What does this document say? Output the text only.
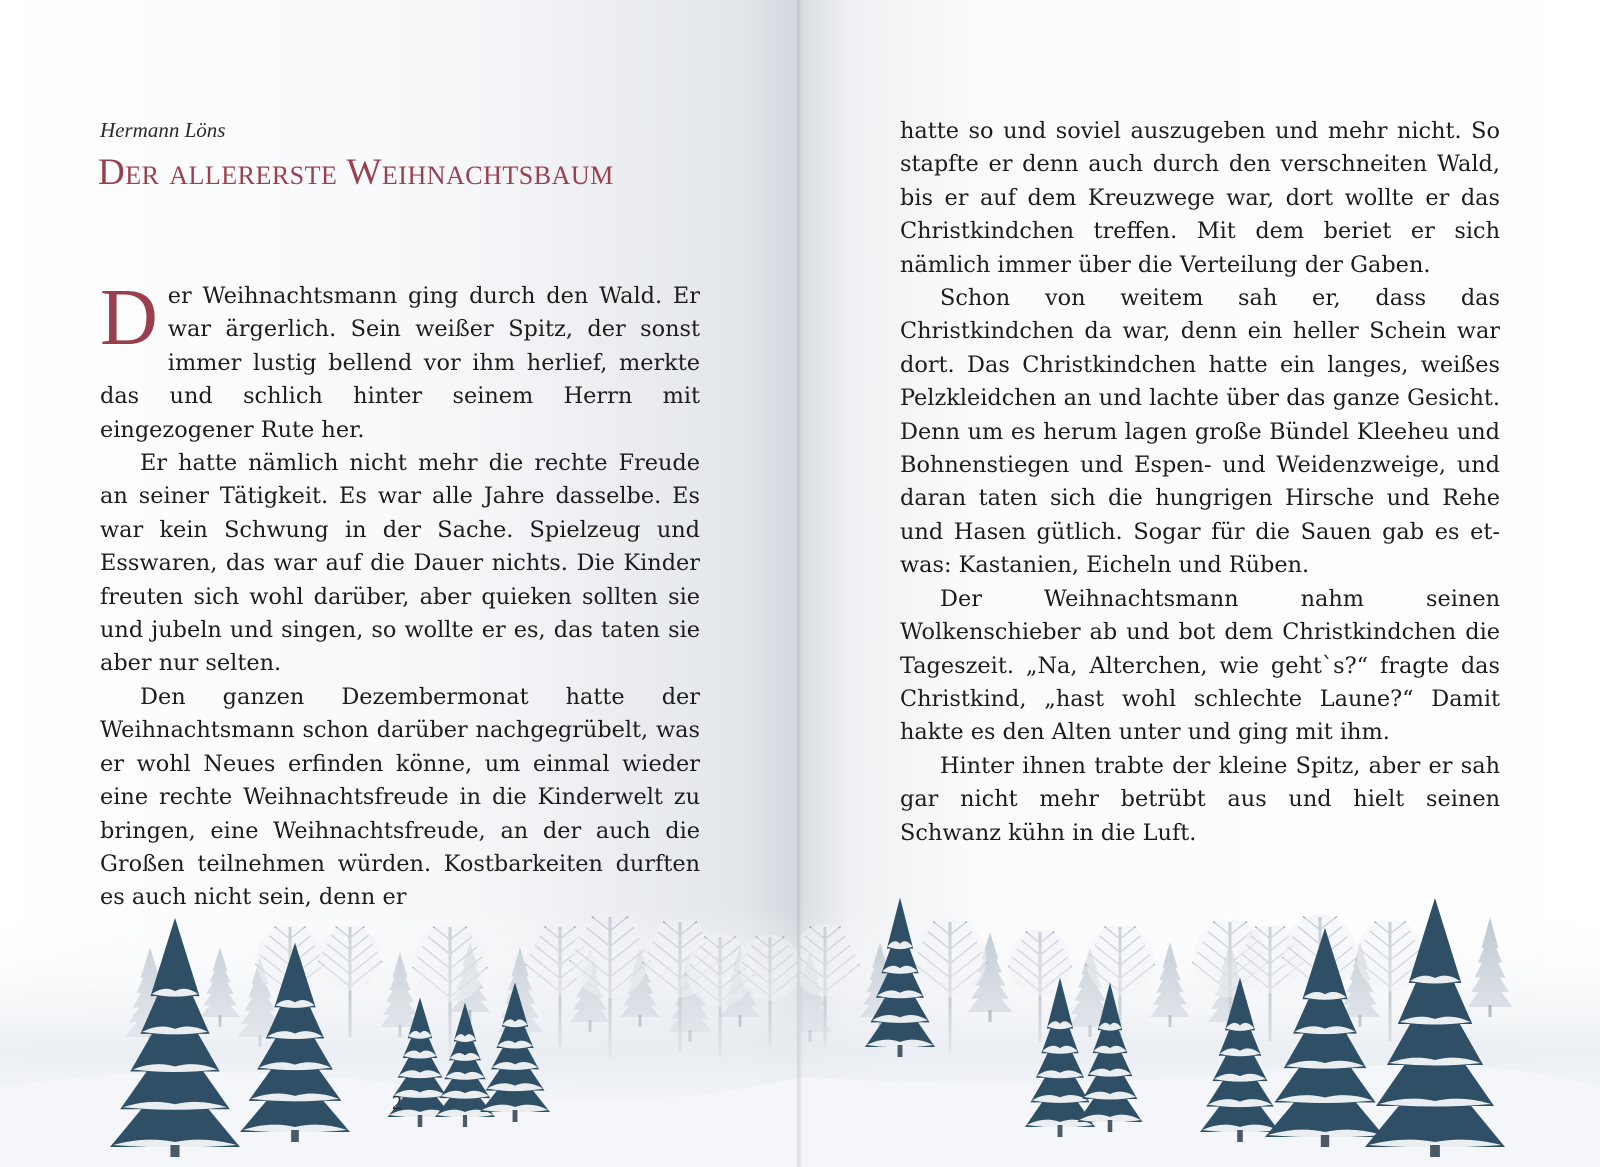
Hermann Löns
Der allererste Weihnachtsbaum

Der Weihnachtsmann ging durch den Wald. Er war ärgerlich. Sein weißer Spitz, der sonst immer lustig bellend vor ihm herlief, merkte das und schlich hinter seinem Herrn mit eingezogener Rute her.

Er hatte nämlich nicht mehr die rechte Freude an seiner Tätigkeit. Es war alle Jahre dasselbe. Es war kein Schwung in der Sache. Spielzeug und Esswaren, das war auf die Dauer nichts. Die Kinder freuten sich wohl darüber, aber quieken sollten sie und jubeln und singen, so wollte er es, das taten sie aber nur selten.

Den ganzen Dezembermonat hatte der Weihnachtsmann schon darüber nachgegrübelt, was er wohl Neues erfinden könne, um einmal wieder eine rechte Weihnachtsfreude in die Kinderwelt zu bringen, eine Weihnachtsfreude, an der auch die Großen teilnehmen würden. Kostbarkeiten durften es auch nicht sein, denn er

2

hatte so und soviel auszugeben und mehr nicht. So stapfte er denn auch durch den verschneiten Wald, bis er auf dem Kreuzwege war, dort wollte er das Christkindchen treffen. Mit dem beriet er sich nämlich immer über die Verteilung der Gaben.

Schon von weitem sah er, dass das Christkindchen da war, denn ein heller Schein war dort. Das Christkindchen hatte ein langes, weißes Pelzkleidchen an und lachte über das ganze Gesicht. Denn um es herum lagen große Bündel Kleeheu und Bohnenstiegen und Espen- und Weidenzweige, und daran taten sich die hungrigen Hirsche und Rehe und Hasen gütlich. Sogar für die Sauen gab es etwas: Kastanien, Eicheln und Rüben.

Der Weihnachtsmann nahm seinen Wolkenschieber ab und bot dem Christkindchen die Tageszeit. „Na, Alterchen, wie geht`s?“ fragte das Christkind, „hast wohl schlechte Laune?“ Damit hakte es den Alten unter und ging mit ihm.

Hinter ihnen trabte der kleine Spitz, aber er sah gar nicht mehr betrübt aus und hielt seinen Schwanz kühn in die Luft.
